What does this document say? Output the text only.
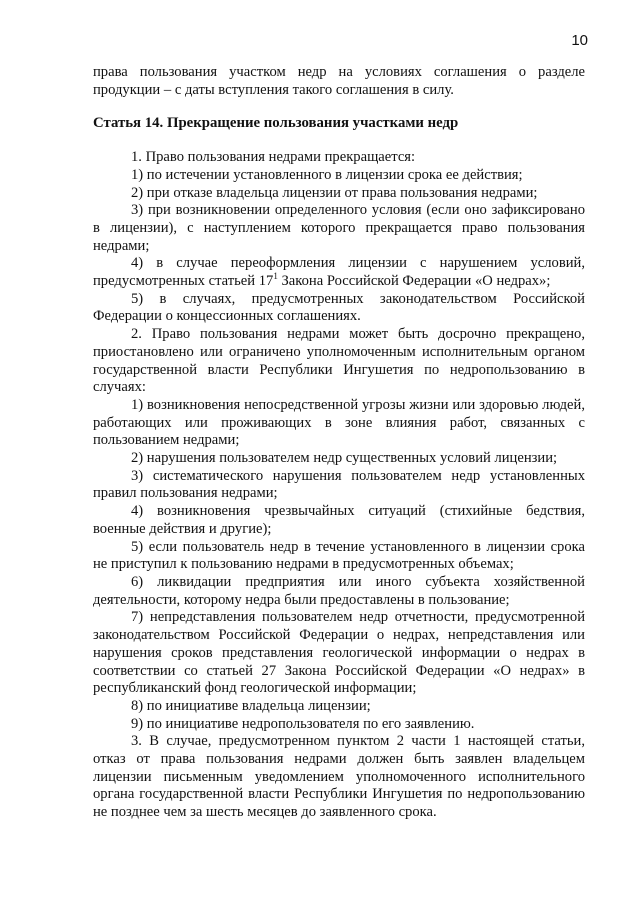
10

права пользования участком недр на условиях соглашения о разделе продукции – с даты вступления такого соглашения в силу.

Статья 14. Прекращение пользования участками недр

1. Право пользования недрами прекращается:

1) по истечении установленного в лицензии срока ее действия;

2) при отказе владельца лицензии от права пользования недрами;

3) при возникновении определенного условия (если оно зафиксировано в лицензии), с наступлением которого прекращается право пользования недрами;

4) в случае переоформления лицензии с нарушением условий, предусмотренных статьей $17^1$ Закона Российской Федерации «О недрах»;

5) в случаях, предусмотренных законодательством Российской Федерации о концессионных соглашениях.

2. Право пользования недрами может быть досрочно прекращено, приостановлено или ограничено уполномоченным исполнительным органом государственной власти Республики Ингушетия по недропользованию в случаях:

1) возникновения непосредственной угрозы жизни или здоровью людей, работающих или проживающих в зоне влияния работ, связанных с пользованием недрами;

2) нарушения пользователем недр существенных условий лицензии;

3) систематического нарушения пользователем недр установленных правил пользования недрами;

4) возникновения чрезвычайных ситуаций (стихийные бедствия, военные действия и другие);

5) если пользователь недр в течение установленного в лицензии срока не приступил к пользованию недрами в предусмотренных объемах;

6) ликвидации предприятия или иного субъекта хозяйственной деятельности, которому недра были предоставлены в пользование;

7) непредставления пользователем недр отчетности, предусмотренной законодательством Российской Федерации о недрах, непредставления или нарушения сроков представления геологической информации о недрах в соответствии со статьей 27 Закона Российской Федерации «О недрах» в республиканский фонд геологической информации;

8) по инициативе владельца лицензии;

9) по инициативе недропользователя по его заявлению.

3. В случае, предусмотренном пунктом 2 части 1 настоящей статьи, отказ от права пользования недрами должен быть заявлен владельцем лицензии письменным уведомлением уполномоченного исполнительного органа государственной власти Республики Ингушетия по недропользованию не позднее чем за шесть месяцев до заявленного срока.
